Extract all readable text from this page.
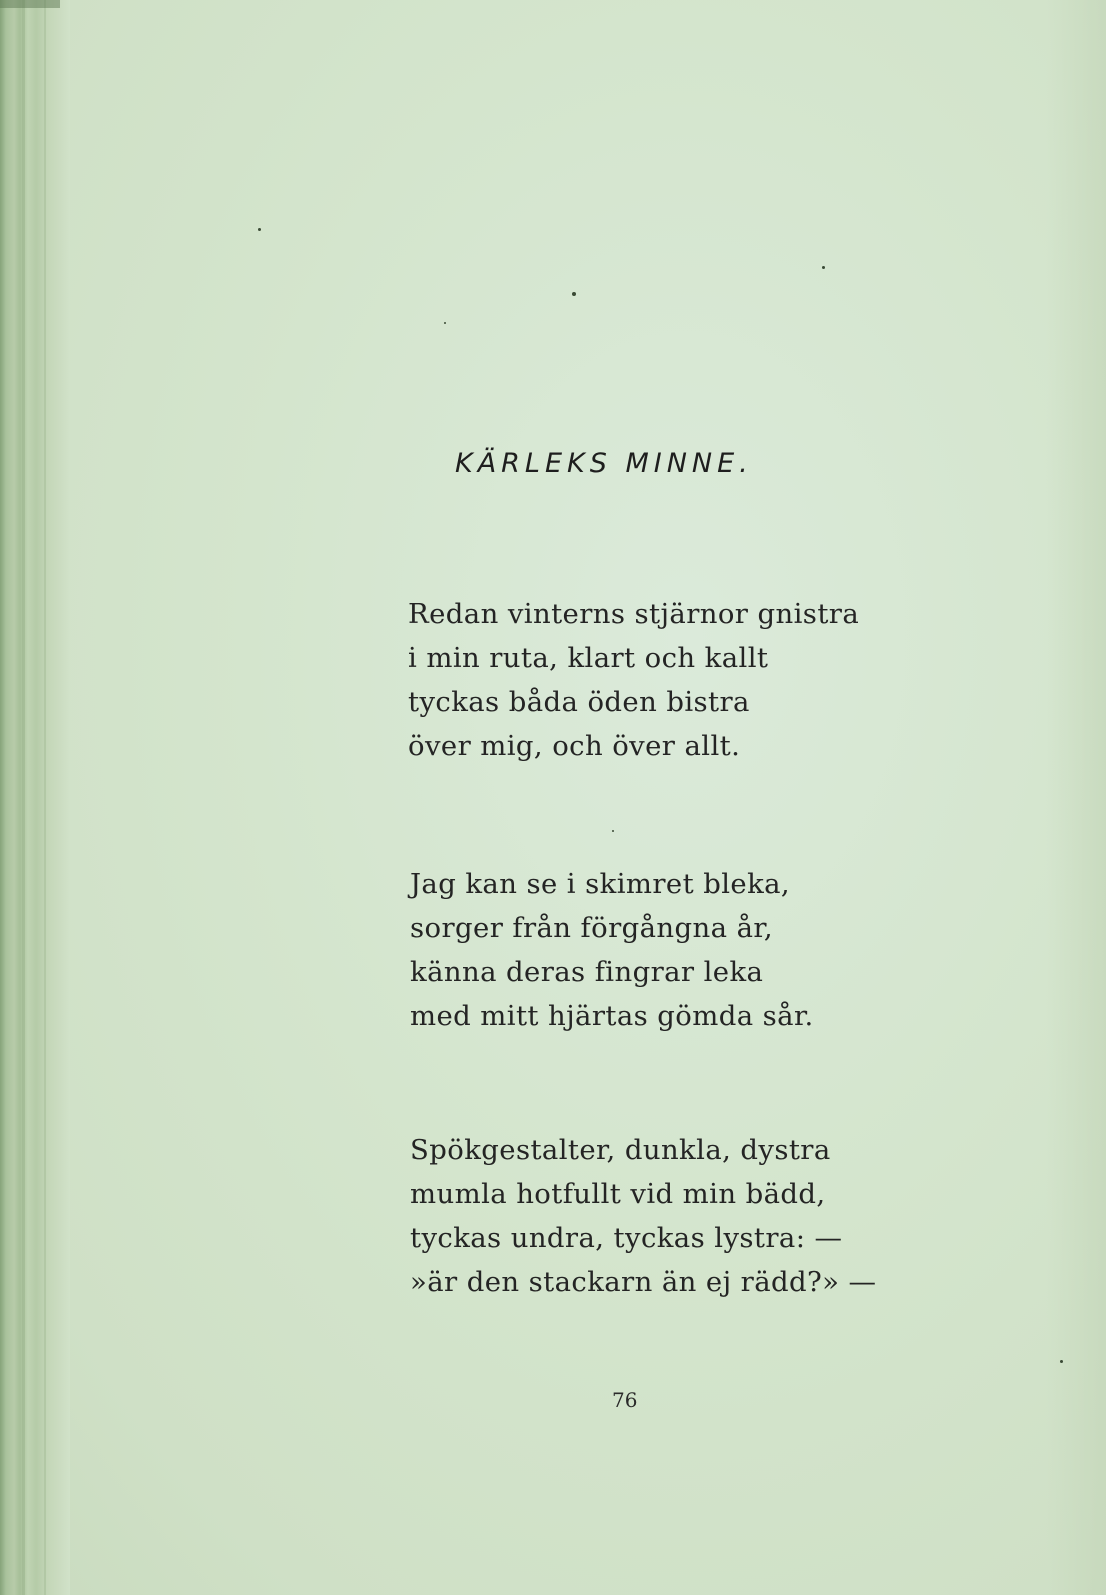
KÄRLEKS MINNE.
Redan vinterns stjärnor gnistra
i min ruta, klart och kallt
tyckas båda öden bistra
över mig, och över allt.
Jag kan se i skimret bleka,
sorger från förgångna år,
känna deras fingrar leka
med mitt hjärtas gömda sår.
Spökgestalter, dunkla, dystra
mumla hotfullt vid min bädd,
tyckas undra, tyckas lystra: —
»är den stackarn än ej rädd?» —
76
